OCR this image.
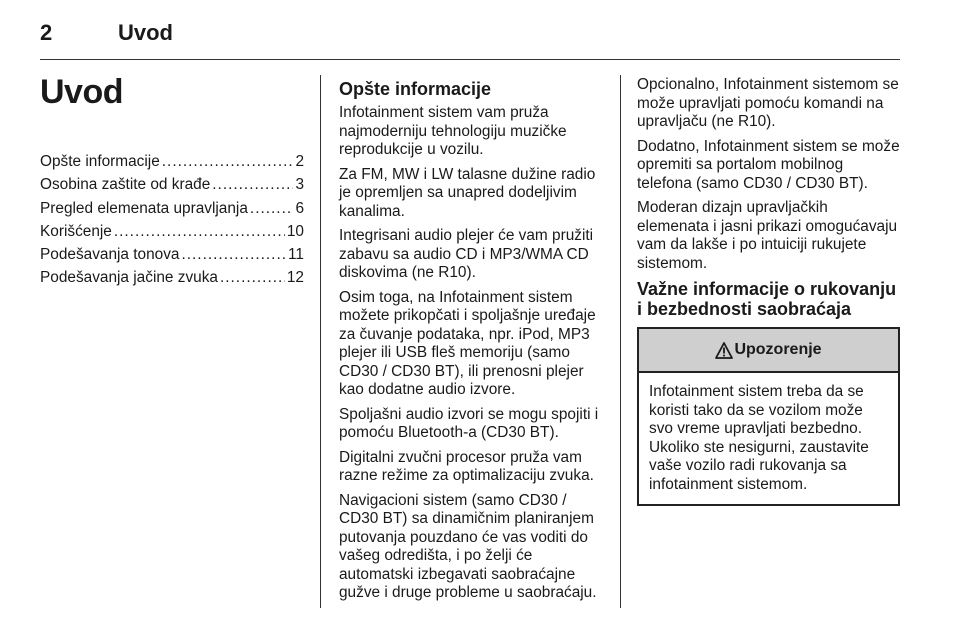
2	Uvod
Uvod
Opšte informacije .....	2
Osobina zaštite od krađe .....	3
Pregled elemenata upravljanja .....	6
Korišćenje .....	10
Podešavanja tonova .....	11
Podešavanja jačine zvuka .....	12
Opšte informacije

Infotainment sistem vam pruža najmoderniju tehnologiju muzičke reprodukcije u vozilu.

Za FM, MW i LW talasne dužine radio je opremljen sa unapred dodeljivim kanalima.

Integrisani audio plejer će vam pružiti zabavu sa audio CD i MP3/WMA CD diskovima (ne R10).

Osim toga, na Infotainment sistem možete prikopčati i spoljašnje uređaje za čuvanje podataka, npr. iPod, MP3 plejer ili USB fleš memoriju (samo CD30 / CD30 BT), ili prenosni plejer kao dodatne audio izvore.

Spoljašni audio izvori se mogu spojiti i pomoću Bluetooth-a (CD30 BT).

Digitalni zvučni procesor pruža vam razne režime za optimalizaciju zvuka.

Navigacioni sistem (samo CD30 / CD30 BT) sa dinamičnim planiranjem putovanja pouzdano će vas voditi do vašeg odredišta, i po želji će automatski izbegavati saobraćajne gužve i druge probleme u saobraćaju.

Opcionalno, Infotainment sistemom se može upravljati pomoću komandi na upravljaču (ne R10).

Dodatno, Infotainment sistem se može opremiti sa portalom mobilnog telefona (samo CD30 / CD30 BT).

Moderan dizajn upravljačkih elemenata i jasni prikazi omogućavaju vam da lakše i po intuiciji rukujete sistemom.

Važne informacije o rukovanju
i bezbednosti saobraćaja
Upozorenje
Infotainment sistem treba da se koristi tako da se vozilom može svo vreme upravljati bezbedno. Ukoliko ste nesigurni, zaustavite vaše vozilo radi rukovanja sa infotainment sistemom.
